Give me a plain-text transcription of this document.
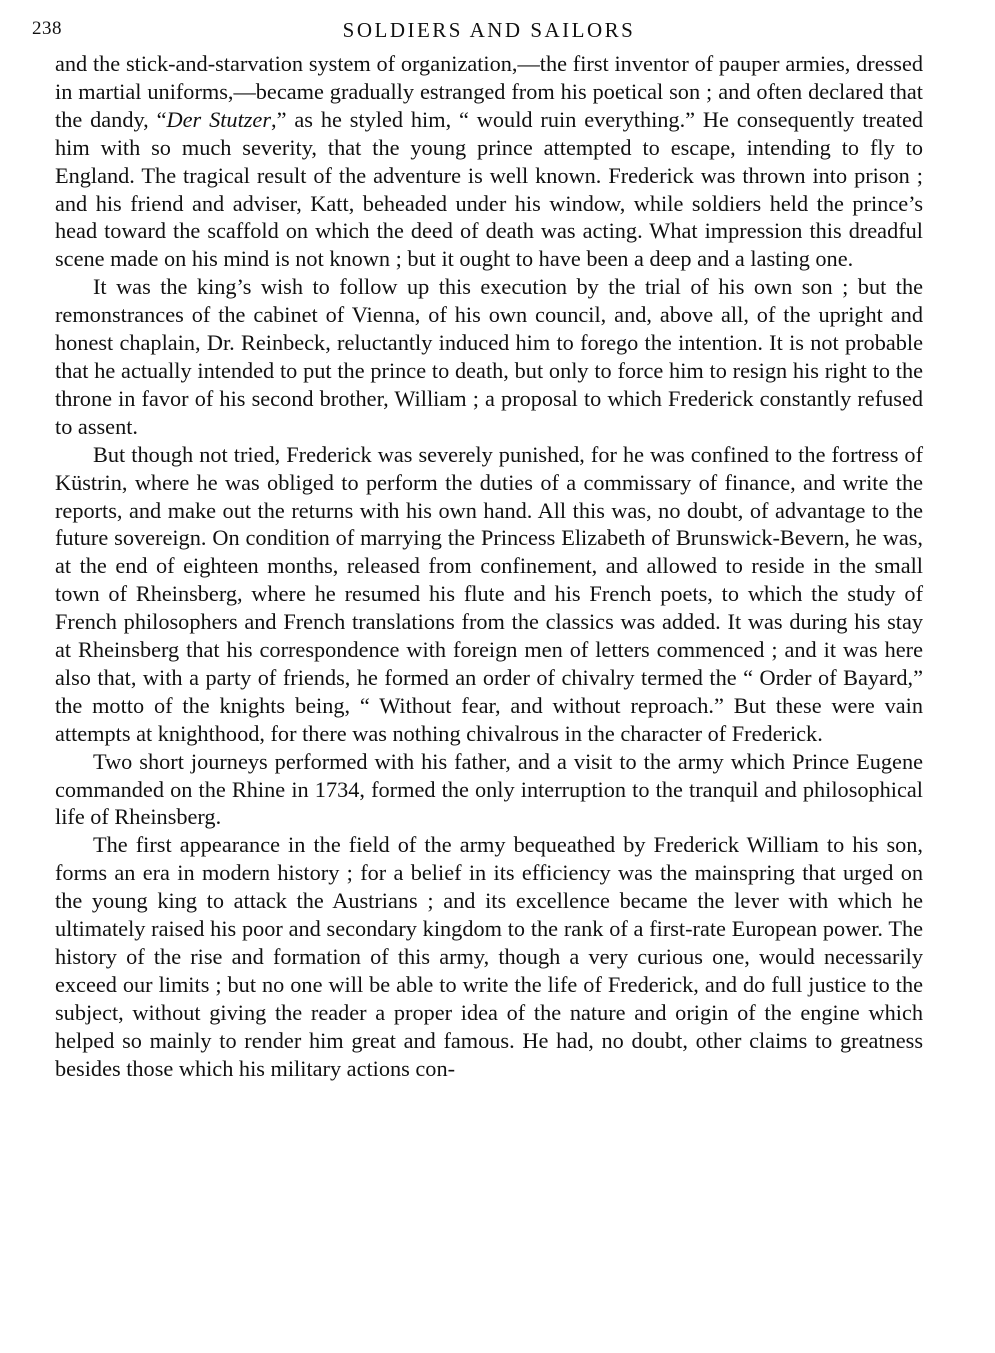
238	SOLDIERS AND SAILORS

and the stick-and-starvation system of organization,—the first inventor of pauper armies, dressed in martial uniforms,—became gradually estranged from his poetical son ; and often declared that the dandy, “Der Stutzer,” as he styled him, “ would ruin everything.” He consequently treated him with so much severity, that the young prince attempted to escape, intending to fly to England. The tragical result of the adventure is well known. Frederick was thrown into prison ; and his friend and adviser, Katt, beheaded under his window, while soldiers held the prince’s head toward the scaffold on which the deed of death was acting. What impression this dreadful scene made on his mind is not known ; but it ought to have been a deep and a lasting one.

It was the king’s wish to follow up this execution by the trial of his own son ; but the remonstrances of the cabinet of Vienna, of his own council, and, above all, of the upright and honest chaplain, Dr. Reinbeck, reluctantly induced him to forego the intention. It is not probable that he actually intended to put the prince to death, but only to force him to resign his right to the throne in favor of his second brother, William ; a proposal to which Frederick constantly refused to assent.

But though not tried, Frederick was severely punished, for he was confined to the fortress of Küstrin, where he was obliged to perform the duties of a commissary of finance, and write the reports, and make out the returns with his own hand. All this was, no doubt, of advantage to the future sovereign. On condition of marrying the Princess Elizabeth of Brunswick-Bevern, he was, at the end of eighteen months, released from confinement, and allowed to reside in the small town of Rheinsberg, where he resumed his flute and his French poets, to which the study of French philosophers and French translations from the classics was added. It was during his stay at Rheinsberg that his correspondence with foreign men of letters commenced ; and it was here also that, with a party of friends, he formed an order of chivalry termed the “ Order of Bayard,” the motto of the knights being, “ Without fear, and without reproach.” But these were vain attempts at knighthood, for there was nothing chivalrous in the character of Frederick.

Two short journeys performed with his father, and a visit to the army which Prince Eugene commanded on the Rhine in 1734, formed the only interruption to the tranquil and philosophical life of Rheinsberg.

The first appearance in the field of the army bequeathed by Frederick William to his son, forms an era in modern history ; for a belief in its efficiency was the mainspring that urged on the young king to attack the Austrians ; and its excellence became the lever with which he ultimately raised his poor and secondary kingdom to the rank of a first-rate European power. The history of the rise and formation of this army, though a very curious one, would necessarily exceed our limits ; but no one will be able to write the life of Frederick, and do full justice to the subject, without giving the reader a proper idea of the nature and origin of the engine which helped so mainly to render him great and famous. He had, no doubt, other claims to greatness besides those which his military actions con-
